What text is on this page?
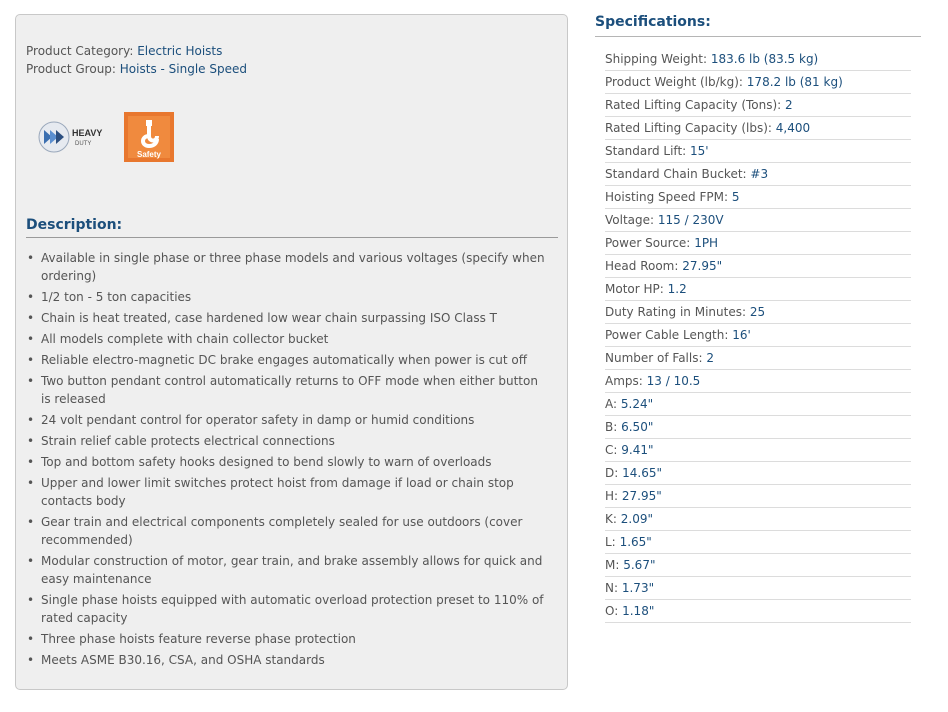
Product Category: Electric Hoists
Product Group: Hoists - Single Speed
HEAVY
DUTY
Safety
Description:
• Available in single phase or three phase models and various voltages (specify when ordering)
• 1/2 ton - 5 ton capacities
• Chain is heat treated, case hardened low wear chain surpassing ISO Class T
• All models complete with chain collector bucket
• Reliable electro-magnetic DC brake engages automatically when power is cut off
• Two button pendant control automatically returns to OFF mode when either button is released
• 24 volt pendant control for operator safety in damp or humid conditions
• Strain relief cable protects electrical connections
• Top and bottom safety hooks designed to bend slowly to warn of overloads
• Upper and lower limit switches protect hoist from damage if load or chain stop contacts body
• Gear train and electrical components completely sealed for use outdoors (cover recommended)
• Modular construction of motor, gear train, and brake assembly allows for quick and easy maintenance
• Single phase hoists equipped with automatic overload protection preset to 110% of rated capacity
• Three phase hoists feature reverse phase protection
• Meets ASME B30.16, CSA, and OSHA standards
Specifications:
Shipping Weight: 183.6 lb (83.5 kg)
Product Weight (lb/kg): 178.2 lb (81 kg)
Rated Lifting Capacity (Tons): 2
Rated Lifting Capacity (lbs): 4,400
Standard Lift: 15'
Standard Chain Bucket: #3
Hoisting Speed FPM: 5
Voltage: 115 / 230V
Power Source: 1PH
Head Room: 27.95"
Motor HP: 1.2
Duty Rating in Minutes: 25
Power Cable Length: 16'
Number of Falls: 2
Amps: 13 / 10.5
A: 5.24"
B: 6.50"
C: 9.41"
D: 14.65"
H: 27.95"
K: 2.09"
L: 1.65"
M: 5.67"
N: 1.73"
O: 1.18"
